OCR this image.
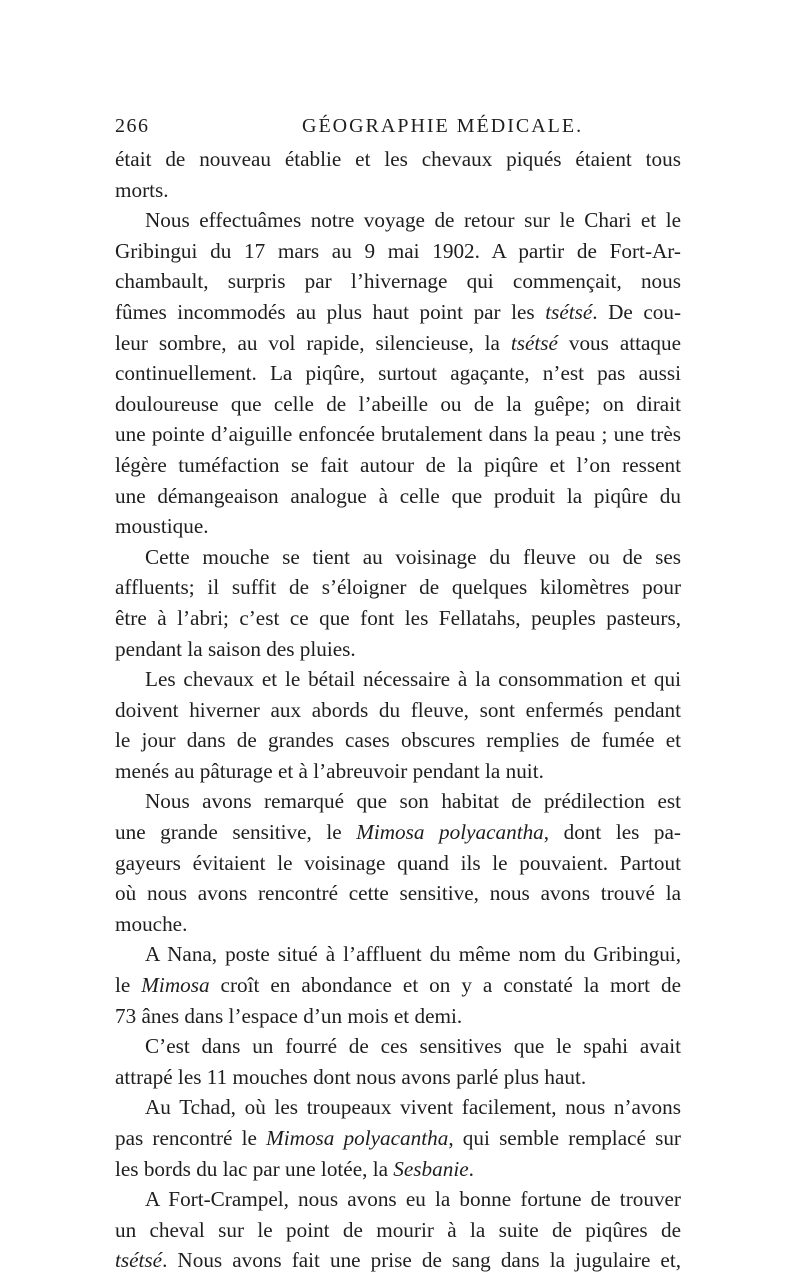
266	GÉOGRAPHIE MÉDICALE.
était de nouveau établie et les chevaux piqués étaient tous
morts.
Nous effectuâmes notre voyage de retour sur le Chari et le
Gribingui du 17 mars au 9 mai 1902. A partir de Fort-Ar-
chambault, surpris par l’hivernage qui commençait, nous
fûmes incommodés au plus haut point par les tsétsé. De cou-
leur sombre, au vol rapide, silencieuse, la tsétsé vous attaque
continuellement. La piqûre, surtout agaçante, n’est pas aussi
douloureuse que celle de l’abeille ou de la guêpe; on dirait
une pointe d’aiguille enfoncée brutalement dans la peau ; une très
légère tuméfaction se fait autour de la piqûre et l’on ressent
une démangeaison analogue à celle que produit la piqûre du
moustique.
Cette mouche se tient au voisinage du fleuve ou de ses
affluents; il suffit de s’éloigner de quelques kilomètres pour
être à l’abri; c’est ce que font les Fellatahs, peuples pasteurs,
pendant la saison des pluies.
Les chevaux et le bétail nécessaire à la consommation et qui
doivent hiverner aux abords du fleuve, sont enfermés pendant
le jour dans de grandes cases obscures remplies de fumée et
menés au pâturage et à l’abreuvoir pendant la nuit.
Nous avons remarqué que son habitat de prédilection est
une grande sensitive, le Mimosa polyacantha, dont les pa-
gayeurs évitaient le voisinage quand ils le pouvaient. Partout
où nous avons rencontré cette sensitive, nous avons trouvé la
mouche.
A Nana, poste situé à l’affluent du même nom du Gribingui,
le Mimosa croît en abondance et on y a constaté la mort de
73 ânes dans l’espace d’un mois et demi.
C’est dans un fourré de ces sensitives que le spahi avait
attrapé les 11 mouches dont nous avons parlé plus haut.
Au Tchad, où les troupeaux vivent facilement, nous n’avons
pas rencontré le Mimosa polyacantha, qui semble remplacé sur
les bords du lac par une lotée, la Sesbanie.
A Fort-Crampel, nous avons eu la bonne fortune de trouver
un cheval sur le point de mourir à la suite de piqûres de
tsétsé. Nous avons fait une prise de sang dans la jugulaire et,
